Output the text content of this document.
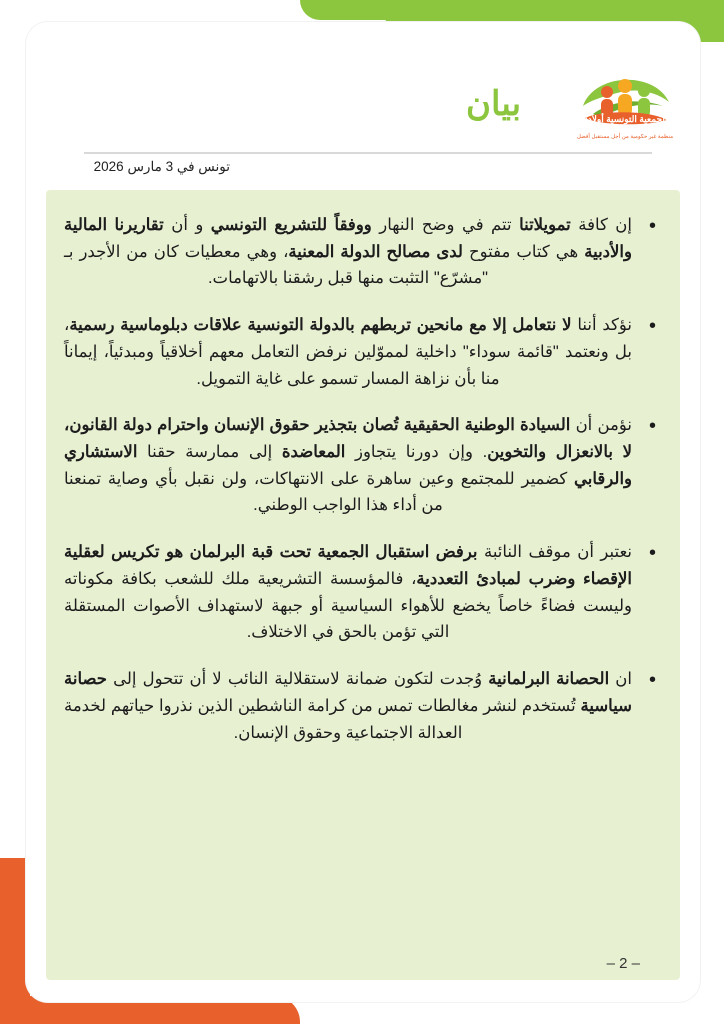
الجمعية التونسية أولادنا
منظمة غير حكومية من أجل مستقبل أفضل
بيان
تونس في 3 مارس 2026
• إن كافة تمويلاتنا تتم في وضح النهار ووفقاً للتشريع التونسي و أن تقاريرنا المالية والأدبية هي كتاب مفتوح لدى مصالح الدولة المعنية، وهي معطيات كان من الأجدر بـ "مشرّع" التثبت منها قبل رشقنا بالاتهامات.
• نؤكد أننا لا نتعامل إلا مع مانحين تربطهم بالدولة التونسية علاقات دبلوماسية رسمية، بل ونعتمد "قائمة سوداء" داخلية لمموّلين نرفض التعامل معهم أخلاقياً ومبدئياً، إيماناً منا بأن نزاهة المسار تسمو على غاية التمويل.
• نؤمن أن السيادة الوطنية الحقيقية تُصان بتجذير حقوق الإنسان واحترام دولة القانون، لا بالانعزال والتخوين. وإن دورنا يتجاوز المعاضدة إلى ممارسة حقنا الاستشاري والرقابي كضمير للمجتمع وعين ساهرة على الانتهاكات، ولن نقبل بأي وصاية تمنعنا من أداء هذا الواجب الوطني.
• نعتبر أن موقف النائبة برفض استقبال الجمعية تحت قبة البرلمان هو تكريس لعقلية الإقصاء وضرب لمبادئ التعددية، فالمؤسسة التشريعية ملك للشعب بكافة مكوناته وليست فضاءً خاصاً يخضع للأهواء السياسية أو جبهة لاستهداف الأصوات المستقلة التي تؤمن بالحق في الاختلاف.
• ان الحصانة البرلمانية وُجدت لتكون ضمانة لاستقلالية النائب لا أن تتحول إلى حصانة سياسية تُستخدم لنشر مغالطات تمس من كرامة الناشطين الذين نذروا حياتهم لخدمة العدالة الاجتماعية وحقوق الإنسان.
– 2 –
